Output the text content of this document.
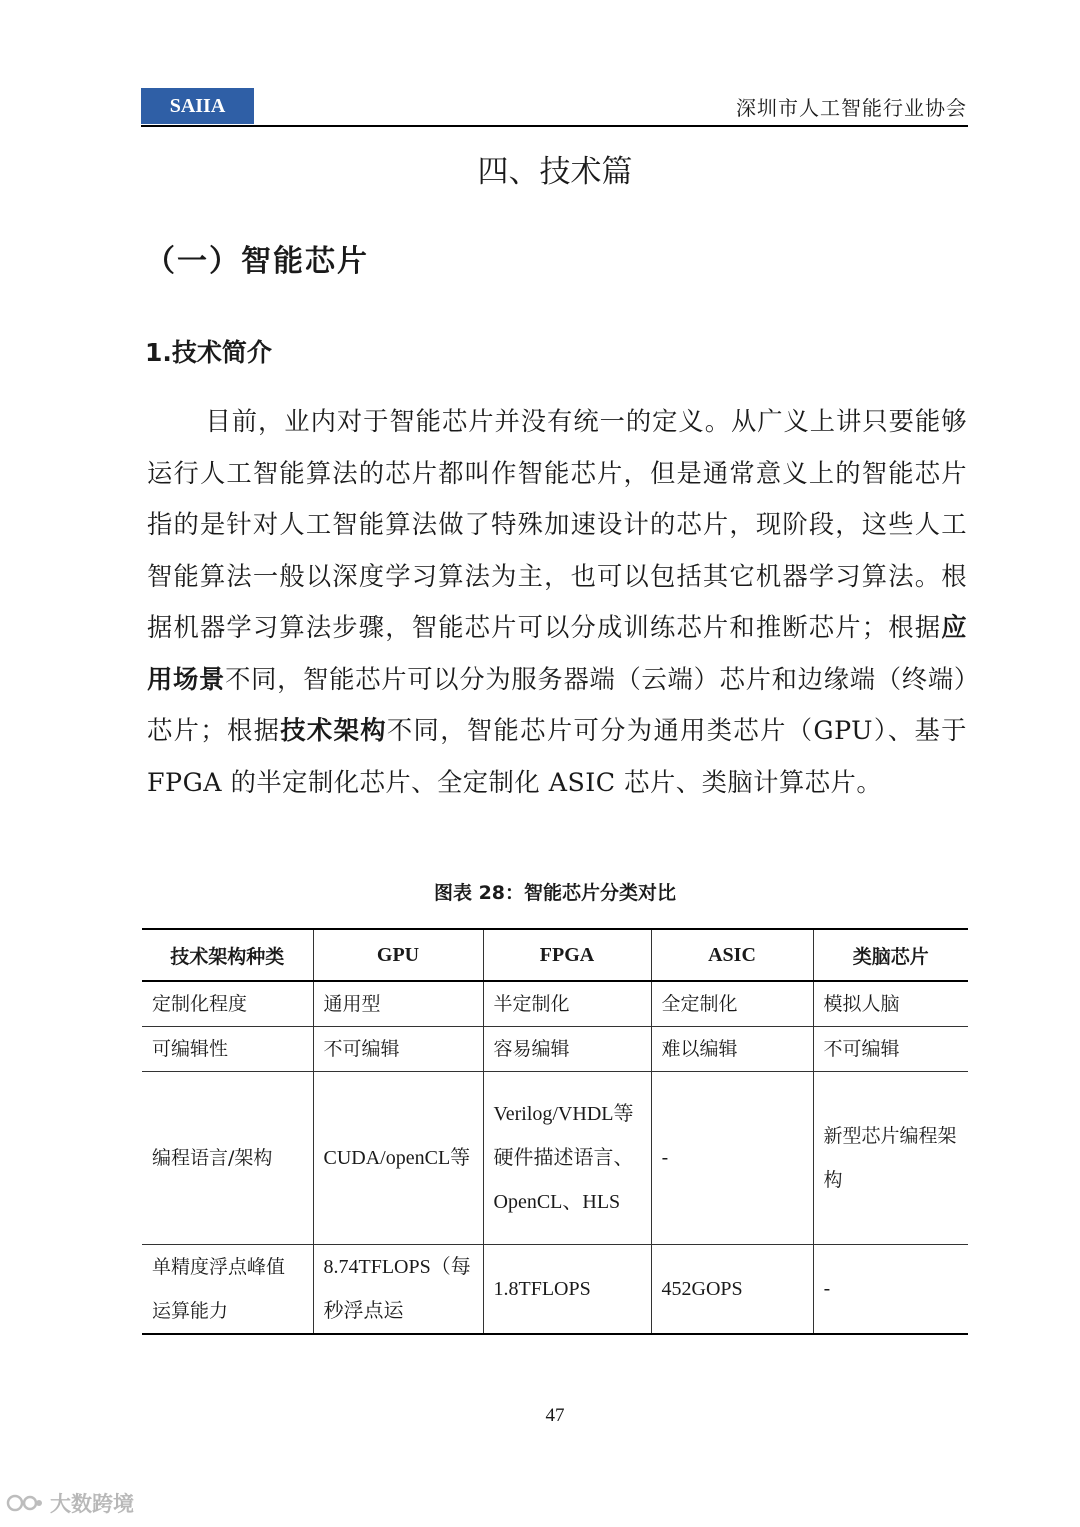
SAIIA	深圳市人工智能行业协会
四、技术篇
（一）智能芯片
1.技术简介
目前，业内对于智能芯片并没有统一的定义。从广义上讲只要能够运行人工智能算法的芯片都叫作智能芯片，但是通常意义上的智能芯片指的是针对人工智能算法做了特殊加速设计的芯片，现阶段，这些人工智能算法一般以深度学习算法为主，也可以包括其它机器学习算法。根据机器学习算法步骤，智能芯片可以分成训练芯片和推断芯片；根据应用场景不同，智能芯片可以分为服务器端（云端）芯片和边缘端（终端）芯片；根据技术架构不同，智能芯片可分为通用类芯片（GPU）、基于 FPGA 的半定制化芯片、全定制化 ASIC 芯片、类脑计算芯片。
图表 28：智能芯片分类对比
技术架构种类	GPU	FPGA	ASIC	类脑芯片
定制化程度	通用型	半定制化	全定制化	模拟人脑
可编辑性	不可编辑	容易编辑	难以编辑	不可编辑
编程语言/架构	CUDA/openCL等	Verilog/VHDL等硬件描述语言、OpenCL、HLS	-	新型芯片编程架构
单精度浮点峰值运算能力	8.74TFLOPS（每秒浮点运	1.8TFLOPS	452GOPS	-
47
大数跨境
